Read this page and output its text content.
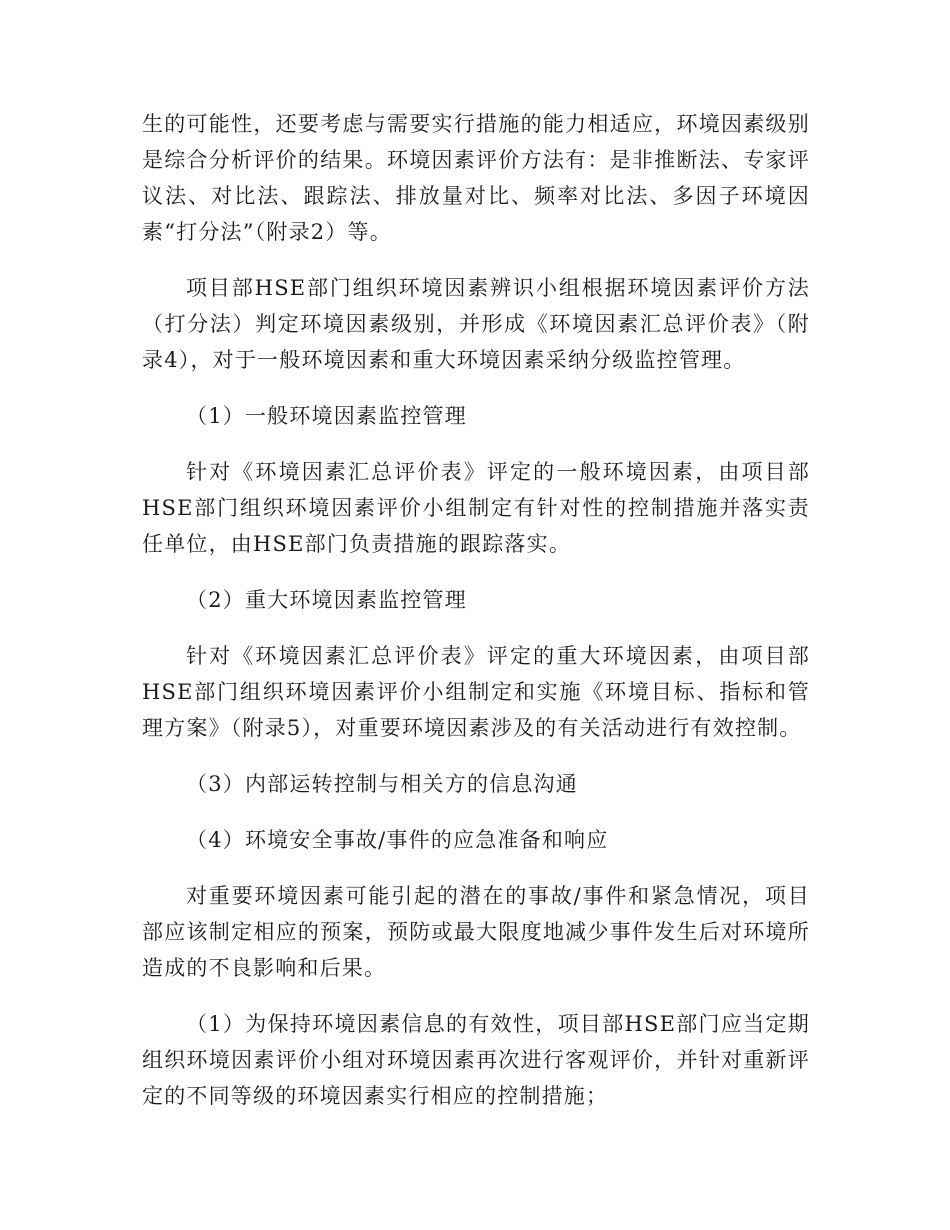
生的可能性，还要考虑与需要实行措施的能力相适应，环境因素级别是综合分析评价的结果。环境因素评价方法有：是非推断法、专家评议法、对比法、跟踪法、排放量对比、频率对比法、多因子环境因素“打分法”（附录2）等。

项目部HSE部门组织环境因素辨识小组根据环境因素评价方法（打分法）判定环境因素级别，并形成《环境因素汇总评价表》（附录4），对于一般环境因素和重大环境因素采纳分级监控管理。

（1）一般环境因素监控管理

针对《环境因素汇总评价表》评定的一般环境因素，由项目部HSE部门组织环境因素评价小组制定有针对性的控制措施并落实责任单位，由HSE部门负责措施的跟踪落实。

（2）重大环境因素监控管理

针对《环境因素汇总评价表》评定的重大环境因素，由项目部HSE部门组织环境因素评价小组制定和实施《环境目标、指标和管理方案》（附录5），对重要环境因素涉及的有关活动进行有效控制。

（3）内部运转控制与相关方的信息沟通

（4）环境安全事故/事件的应急准备和响应

对重要环境因素可能引起的潜在的事故/事件和紧急情况，项目部应该制定相应的预案，预防或最大限度地减少事件发生后对环境所造成的不良影响和后果。

（1）为保持环境因素信息的有效性，项目部HSE部门应当定期组织环境因素评价小组对环境因素再次进行客观评价，并针对重新评定的不同等级的环境因素实行相应的控制措施；
